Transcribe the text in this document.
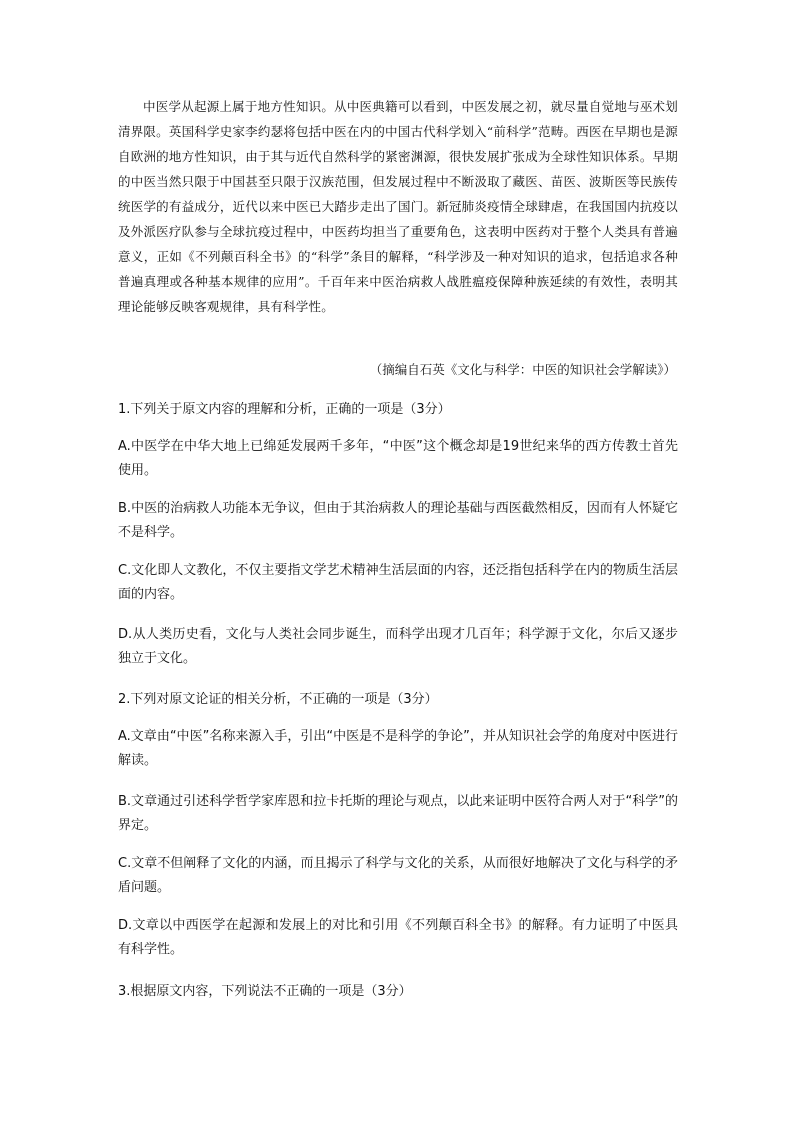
中医学从起源上属于地方性知识。从中医典籍可以看到，中医发展之初，就尽量自觉地与巫术划清界限。英国科学史家李约瑟将包括中医在内的中国古代科学划入“前科学”范畴。西医在早期也是源自欧洲的地方性知识，由于其与近代自然科学的紧密渊源，很快发展扩张成为全球性知识体系。早期的中医当然只限于中国甚至只限于汉族范围，但发展过程中不断汲取了藏医、苗医、波斯医等民族传统医学的有益成分，近代以来中医已大踏步走出了国门。新冠肺炎疫情全球肆虐，在我国国内抗疫以及外派医疗队参与全球抗疫过程中，中医药均担当了重要角色，这表明中医药对于整个人类具有普遍意义，正如《不列颠百科全书》的“科学”条目的解释，“科学涉及一种对知识的追求，包括追求各种普遍真理或各种基本规律的应用”。千百年来中医治病救人战胜瘟疫保障种族延续的有效性，表明其理论能够反映客观规律，具有科学性。

（摘编自石英《文化与科学：中医的知识社会学解读》）
1.下列关于原文内容的理解和分析，正确的一项是（3分）
A.中医学在中华大地上已绵延发展两千多年，“中医”这个概念却是19世纪来华的西方传教士首先使用。
B.中医的治病救人功能本无争议，但由于其治病救人的理论基础与西医截然相反，因而有人怀疑它不是科学。
C.文化即人文教化，不仅主要指文学艺术精神生活层面的内容，还泛指包括科学在内的物质生活层面的内容。
D.从人类历史看，文化与人类社会同步诞生，而科学出现才几百年；科学源于文化，尔后又逐步独立于文化。
2.下列对原文论证的相关分析，不正确的一项是（3分）
A.文章由“中医”名称来源入手，引出“中医是不是科学的争论”，并从知识社会学的角度对中医进行解读。
B.文章通过引述科学哲学家库恩和拉卡托斯的理论与观点，以此来证明中医符合两人对于“科学”的界定。
C.文章不但阐释了文化的内涵，而且揭示了科学与文化的关系，从而很好地解决了文化与科学的矛盾问题。
D.文章以中西医学在起源和发展上的对比和引用《不列颠百科全书》的解释。有力证明了中医具有科学性。
3.根据原文内容，下列说法不正确的一项是（3分）
